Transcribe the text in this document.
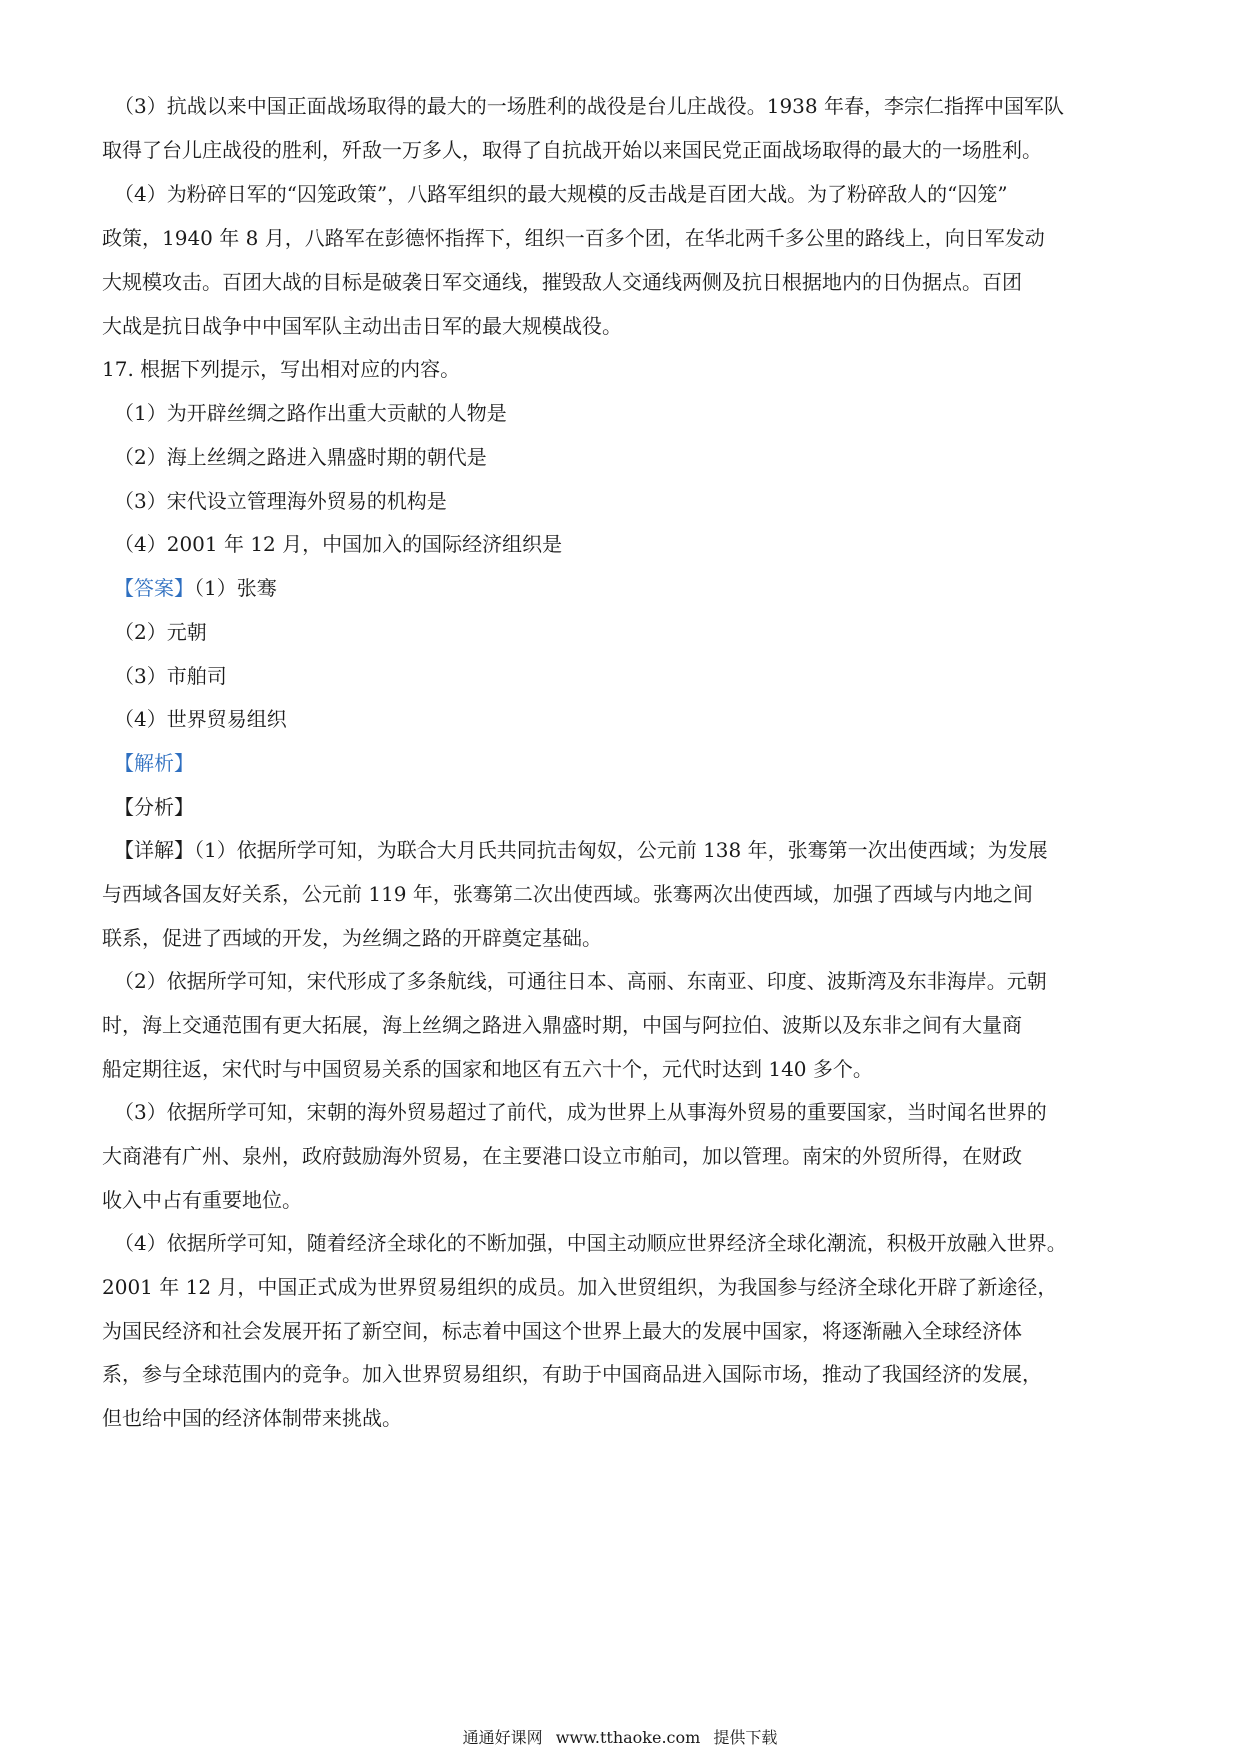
（3）抗战以来中国正面战场取得的最大的一场胜利的战役是台儿庄战役。1938 年春，李宗仁指挥中国军队
取得了台儿庄战役的胜利，歼敌一万多人，取得了自抗战开始以来国民党正面战场取得的最大的一场胜利。
（4）为粉碎日军的“囚笼政策”，八路军组织的最大规模的反击战是百团大战。为了粉碎敌人的“囚笼”
政策，1940 年 8 月，八路军在彭德怀指挥下，组织一百多个团，在华北两千多公里的路线上，向日军发动
大规模攻击。百团大战的目标是破袭日军交通线，摧毁敌人交通线两侧及抗日根据地内的日伪据点。百团
大战是抗日战争中中国军队主动出击日军的最大规模战役。
17. 根据下列提示，写出相对应的内容。
（1）为开辟丝绸之路作出重大贡献的人物是
（2）海上丝绸之路进入鼎盛时期的朝代是
（3）宋代设立管理海外贸易的机构是
（4）2001 年 12 月，中国加入的国际经济组织是
【答案】（1）张骞
（2）元朝
（3）市舶司
（4）世界贸易组织
【解析】
【分析】
【详解】（1）依据所学可知，为联合大月氏共同抗击匈奴，公元前 138 年，张骞第一次出使西域；为发展
与西域各国友好关系，公元前 119 年，张骞第二次出使西域。张骞两次出使西域，加强了西域与内地之间
联系，促进了西域的开发，为丝绸之路的开辟奠定基础。
（2）依据所学可知，宋代形成了多条航线，可通往日本、高丽、东南亚、印度、波斯湾及东非海岸。元朝
时，海上交通范围有更大拓展，海上丝绸之路进入鼎盛时期，中国与阿拉伯、波斯以及东非之间有大量商
船定期往返，宋代时与中国贸易关系的国家和地区有五六十个，元代时达到 140 多个。
（3）依据所学可知，宋朝的海外贸易超过了前代，成为世界上从事海外贸易的重要国家，当时闻名世界的
大商港有广州、泉州，政府鼓励海外贸易，在主要港口设立市舶司，加以管理。南宋的外贸所得，在财政
收入中占有重要地位。
（4）依据所学可知，随着经济全球化的不断加强，中国主动顺应世界经济全球化潮流，积极开放融入世界。
2001 年 12 月，中国正式成为世界贸易组织的成员。加入世贸组织，为我国参与经济全球化开辟了新途径，
为国民经济和社会发展开拓了新空间，标志着中国这个世界上最大的发展中国家，将逐渐融入全球经济体
系，参与全球范围内的竞争。加入世界贸易组织，有助于中国商品进入国际市场，推动了我国经济的发展，
但也给中国的经济体制带来挑战。
通通好课网 www.tthaoke.com 提供下载
